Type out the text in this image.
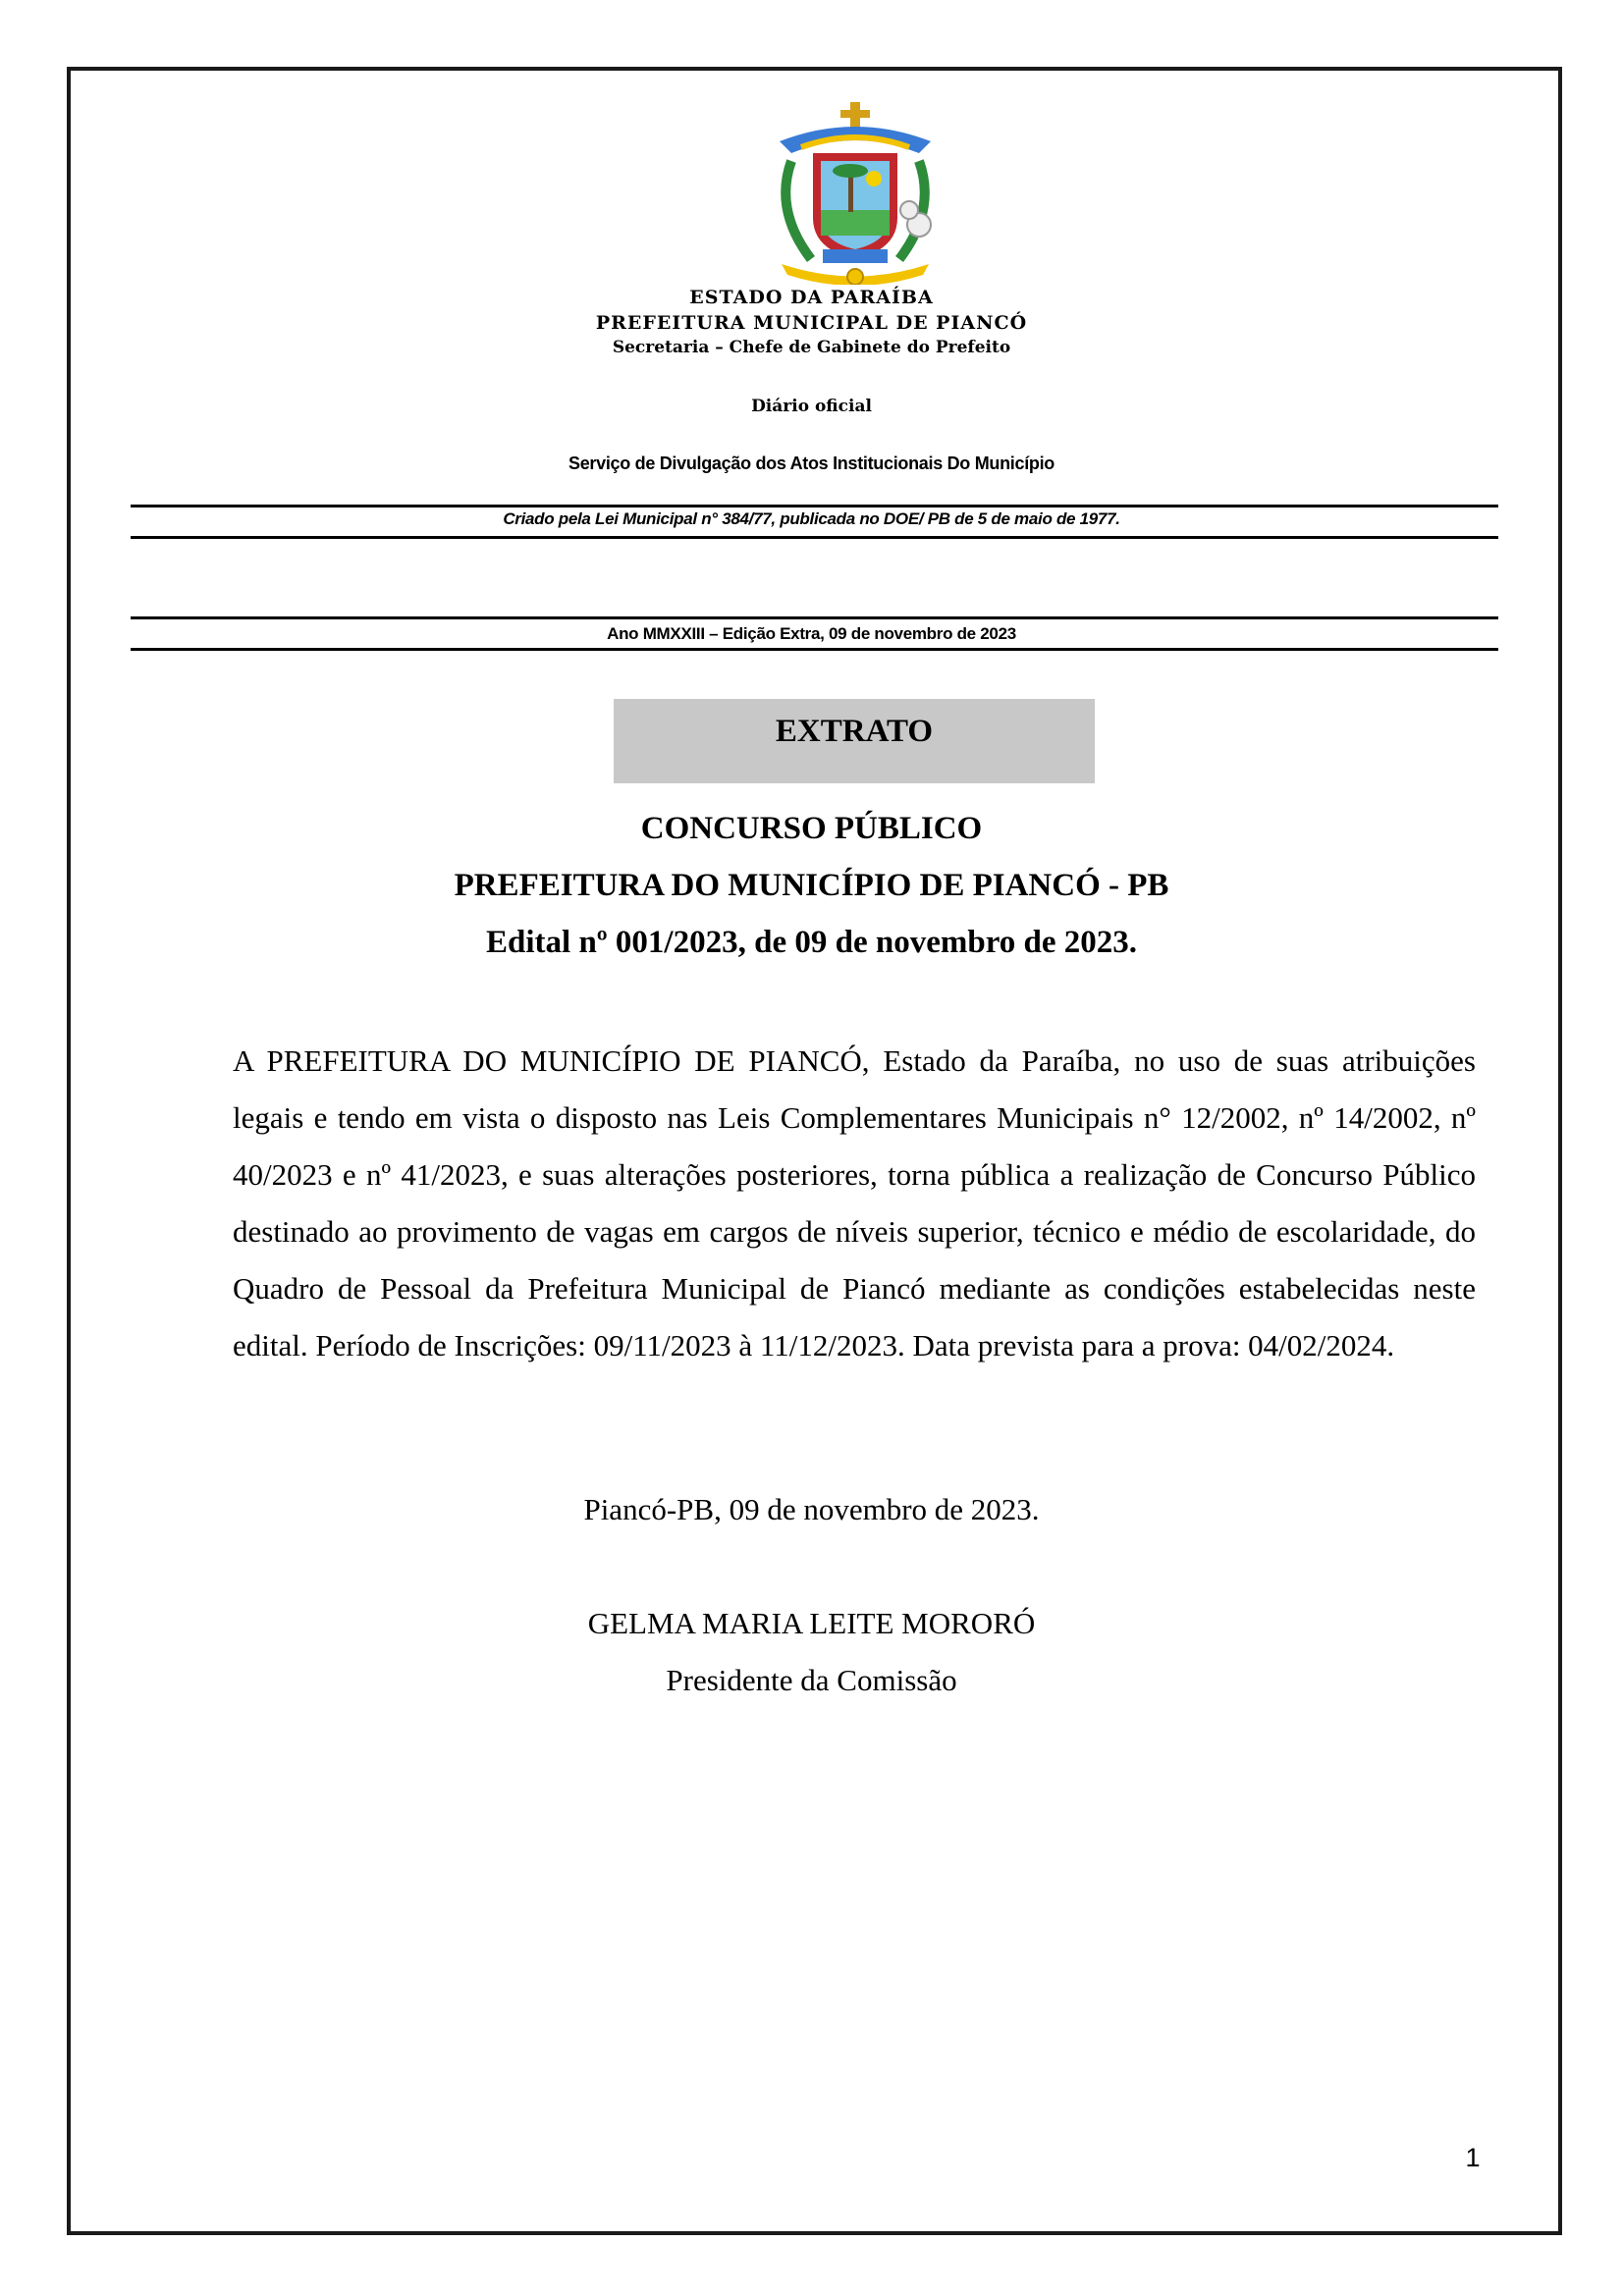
ESTADO DA PARAÍBA
PREFEITURA MUNICIPAL DE PIANCÓ
Secretaria – Chefe de Gabinete do Prefeito
Diário oficial
Serviço de Divulgação dos Atos Institucionais Do Município
Criado pela Lei Municipal n° 384/77, publicada no DOE/ PB de 5 de maio de 1977.
Ano MMXXIII – Edição Extra, 09 de novembro de 2023
EXTRATO
CONCURSO PÚBLICO
PREFEITURA DO MUNICÍPIO DE PIANCÓ - PB
Edital nº 001/2023, de 09 de novembro de 2023.
A PREFEITURA DO MUNICÍPIO DE PIANCÓ, Estado da Paraíba, no uso de suas atribuições legais e tendo em vista o disposto nas Leis Complementares Municipais n° 12/2002, nº 14/2002, nº 40/2023 e nº 41/2023, e suas alterações posteriores, torna pública a realização de Concurso Público destinado ao provimento de vagas em cargos de níveis superior, técnico e médio de escolaridade, do Quadro de Pessoal da Prefeitura Municipal de Piancó mediante as condições estabelecidas neste edital. Período de Inscrições: 09/11/2023 à 11/12/2023. Data prevista para a prova: 04/02/2024.
Piancó-PB, 09 de novembro de 2023.
GELMA MARIA LEITE MORORÓ
Presidente da Comissão
1
